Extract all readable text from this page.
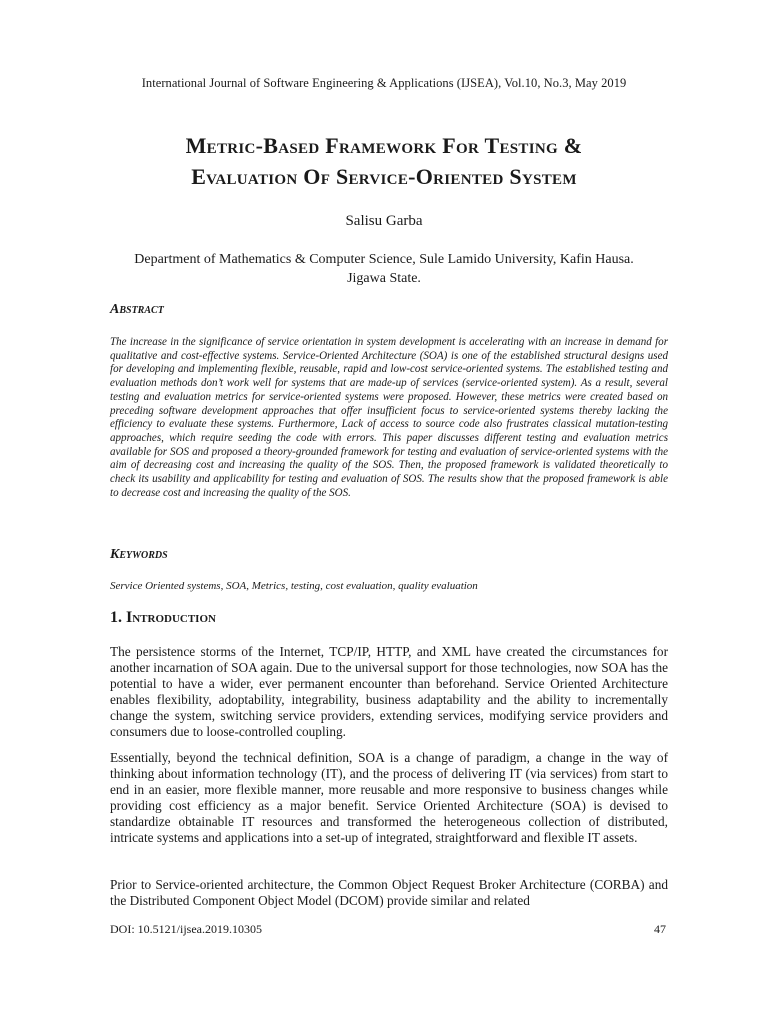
International Journal of Software Engineering & Applications (IJSEA), Vol.10, No.3, May 2019
Metric-Based Framework For Testing &
Evaluation Of Service-Oriented System
Salisu Garba
Department of Mathematics & Computer Science, Sule Lamido University, Kafin Hausa.
Jigawa State.
Abstract
The increase in the significance of service orientation in system development is accelerating with an increase in demand for qualitative and cost-effective systems. Service-Oriented Architecture (SOA) is one of the established structural designs used for developing and implementing flexible, reusable, rapid and low-cost service-oriented systems. The established testing and evaluation methods don’t work well for systems that are made-up of services (service-oriented system). As a result, several testing and evaluation metrics for service-oriented systems were proposed. However, these metrics were created based on preceding software development approaches that offer insufficient focus to service-oriented systems thereby lacking the efficiency to evaluate these systems. Furthermore, Lack of access to source code also frustrates classical mutation-testing approaches, which require seeding the code with errors. This paper discusses different testing and evaluation metrics available for SOS and proposed a theory-grounded framework for testing and evaluation of service-oriented systems with the aim of decreasing cost and increasing the quality of the SOS. Then, the proposed framework is validated theoretically to check its usability and applicability for testing and evaluation of SOS. The results show that the proposed framework is able to decrease cost and increasing the quality of the SOS.
Keywords
Service Oriented systems, SOA, Metrics, testing, cost evaluation, quality evaluation
1. Introduction
The persistence storms of the Internet, TCP/IP, HTTP, and XML have created the circumstances for another incarnation of SOA again. Due to the universal support for those technologies, now SOA has the potential to have a wider, ever permanent encounter than beforehand. Service Oriented Architecture enables flexibility, adoptability, integrability, business adaptability and the ability to incrementally change the system, switching service providers, extending services, modifying service providers and consumers due to loose-controlled coupling.
Essentially, beyond the technical definition, SOA is a change of paradigm, a change in the way of thinking about information technology (IT), and the process of delivering IT (via services) from start to end in an easier, more flexible manner, more reusable and more responsive to business changes while providing cost efficiency as a major benefit. Service Oriented Architecture (SOA) is devised to standardize obtainable IT resources and transformed the heterogeneous collection of distributed, intricate systems and applications into a set-up of integrated, straightforward and flexible IT assets.
Prior to Service-oriented architecture, the Common Object Request Broker Architecture (CORBA) and the Distributed Component Object Model (DCOM) provide similar and related
DOI: 10.5121/ijsea.2019.10305	47
